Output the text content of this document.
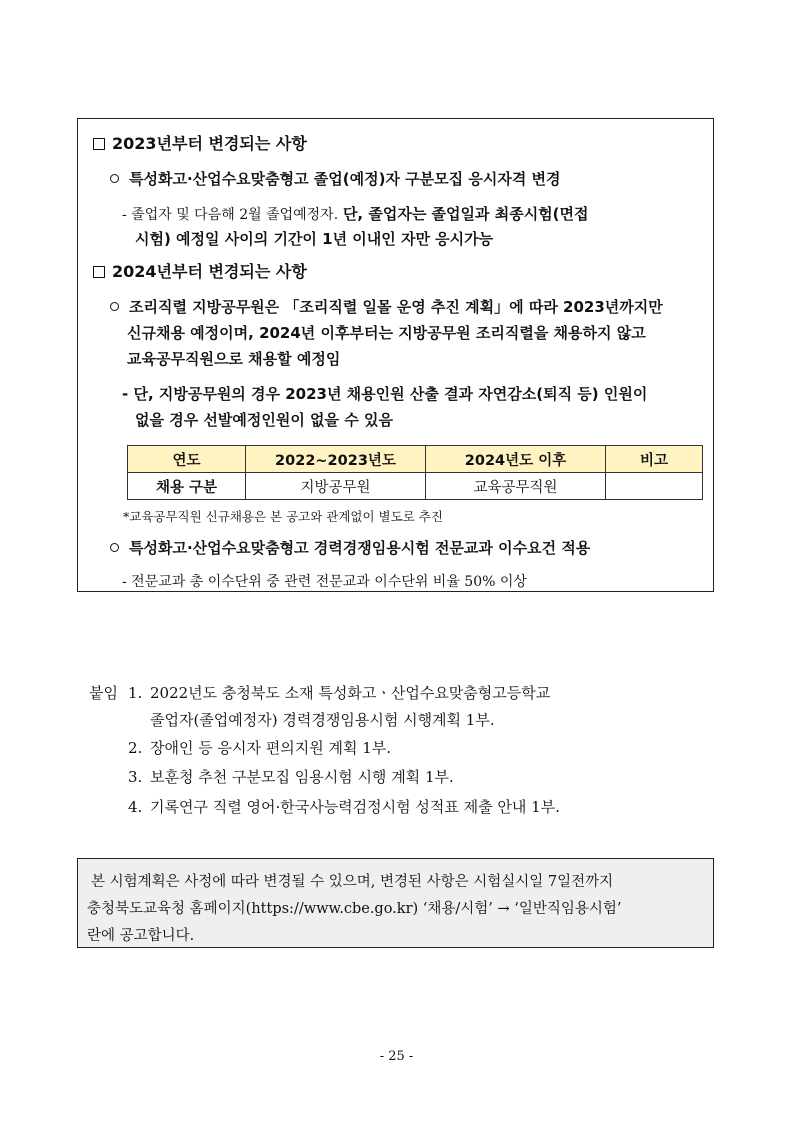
2023년부터 변경되는 사항
특성화고·산업수요맞춤형고 졸업(예정)자 구분모집 응시자격 변경
- 졸업자 및 다음해 2월 졸업예정자. 단, 졸업자는 졸업일과 최종시험(면접
시험) 예정일 사이의 기간이 1년 이내인 자만 응시가능
2024년부터 변경되는 사항
조리직렬 지방공무원은 「조리직렬 일몰 운영 추진 계획」에 따라 2023년까지만
신규채용 예정이며, 2024년 이후부터는 지방공무원 조리직렬을 채용하지 않고
교육공무직원으로 채용할 예정임
- 단, 지방공무원의 경우 2023년 채용인원 산출 결과 자연감소(퇴직 등) 인원이
없을 경우 선발예정인원이 없을 수 있음
연도	2022~2023년도	2024년도 이후	비고
채용 구분	지방공무원	교육공무직원	
*교육공무직원 신규채용은 본 공고와 관계없이 별도로 추진
특성화고·산업수요맞춤형고 경력경쟁임용시험 전문교과 이수요건 적용
- 전문교과 총 이수단위 중 관련 전문교과 이수단위 비율 50% 이상
붙임 1. 2022년도 충청북도 소재 특성화고ㆍ산업수요맞춤형고등학교
졸업자(졸업예정자) 경력경쟁임용시험 시행계획 1부.
2. 장애인 등 응시자 편의지원 계획 1부.
3. 보훈청 추천 구분모집 임용시험 시행 계획 1부.
4. 기록연구 직렬 영어·한국사능력검정시험 성적표 제출 안내 1부.
본 시험계획은 사정에 따라 변경될 수 있으며, 변경된 사항은 시험실시일 7일전까지
충청북도교육청 홈페이지(https://www.cbe.go.kr) ‘채용/시험’ → ‘일반직임용시험’
란에 공고합니다.
- 25 -
